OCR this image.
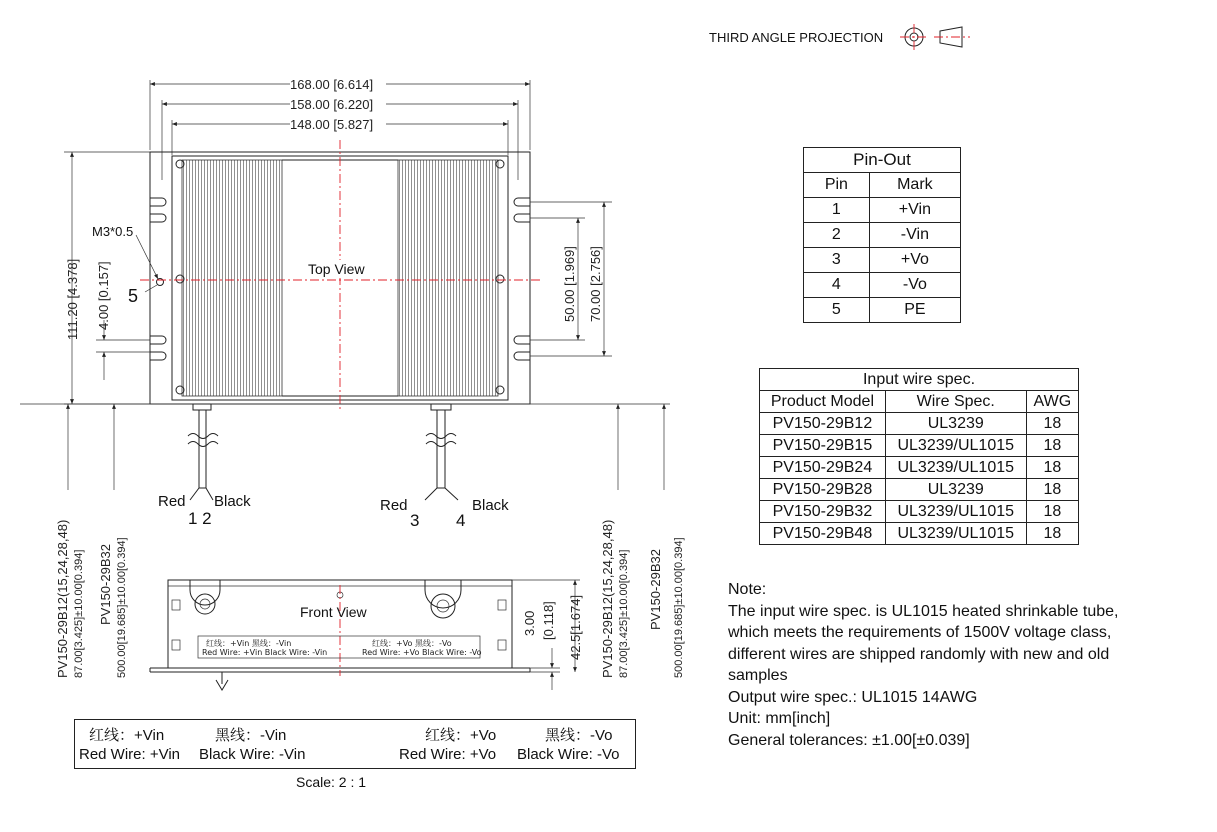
THIRD ANGLE PROJECTION
168.00 [6.614]
158.00 [6.220]
148.00 [5.827]
Top View
M3*0.5
5
111.20 [4.378] 4.00 [0.157]	50.00 [1.969] 70.00 [2.756]
Red Black
1 2
Red	Black
3 4
PV150-29B12(15,24,28,48) 87.00[3.425]±10.00[0.394] PV150-29B32 500.00[19.685]±10.00[0.394]	PV150-29B12(15,24,28,48) 87.00[3.425]±10.00[0.394] PV150-29B32 500.00[19.685]±10.00[0.394]
Front View
红线：+Vin 黑线：-Vin
Red Wire: +Vin Black Wire: -Vin
红线：+Vo 黑线：-Vo
Red Wire: +Vo Black Wire: -Vo
3.00 [0.118] 42.5[1.674]
Scale: 2 : 1
Pin-Out	
Pin	Mark
1	+Vin
2	-Vin
3	+Vo
4	-Vo
5	PE
Input wire spec.		
Product Model	Wire Spec.	AWG
PV150-29B12	UL3239	18
PV150-29B15	UL3239/UL1015	18
PV150-29B24	UL3239/UL1015	18
PV150-29B28	UL3239	18
PV150-29B32	UL3239/UL1015	18
PV150-29B48	UL3239/UL1015	18
Note:
The input wire spec. is UL1015 heated shrinkable tube,
which meets the requirements of 1500V voltage class,
different wires are shipped randomly with new and old
samples
Output wire spec.: UL1015 14AWG
Unit: mm[inch]
General tolerances: ±1.00[±0.039]
红线：+Vin	黑线：-Vin	红线：+Vo	黑线：-Vo
Red Wire: +Vin Black Wire: -Vin	Red Wire: +Vo Black Wire: -Vo
